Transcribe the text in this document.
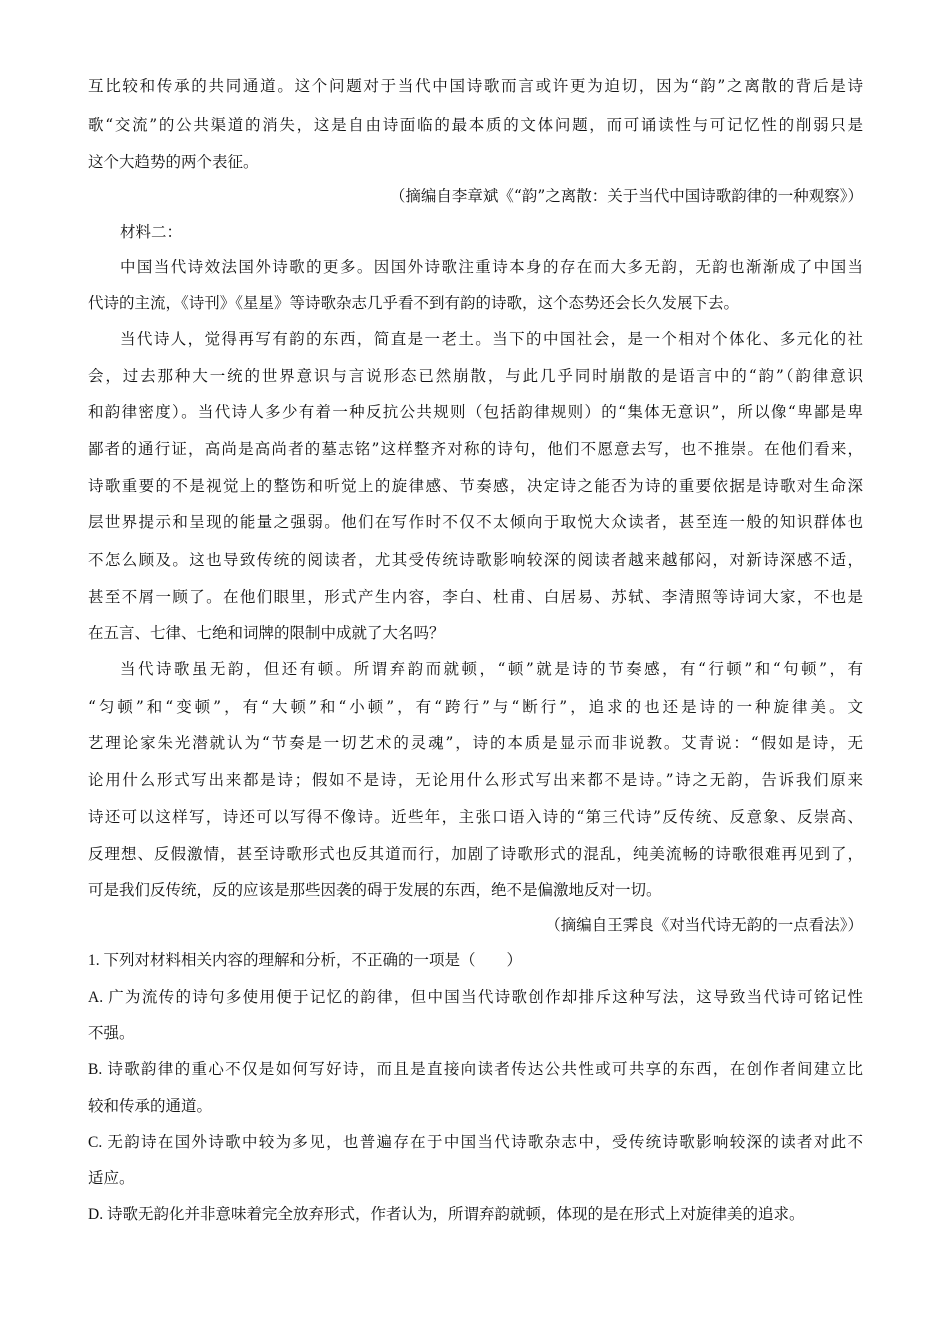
互比较和传承的共同通道。这个问题对于当代中国诗歌而言或许更为迫切，因为“韵”之离散的背后是诗
歌“交流”的公共渠道的消失，这是自由诗面临的最本质的文体问题，而可诵读性与可记忆性的削弱只是
这个大趋势的两个表征。
（摘编自李章斌《“韵”之离散：关于当代中国诗歌韵律的一种观察》）
材料二：
中国当代诗效法国外诗歌的更多。因国外诗歌注重诗本身的存在而大多无韵，无韵也渐渐成了中国当
代诗的主流，《诗刊》《星星》等诗歌杂志几乎看不到有韵的诗歌，这个态势还会长久发展下去。
当代诗人，觉得再写有韵的东西，简直是一老土。当下的中国社会，是一个相对个体化、多元化的社
会，过去那种大一统的世界意识与言说形态已然崩散，与此几乎同时崩散的是语言中的“韵”（韵律意识
和韵律密度）。当代诗人多少有着一种反抗公共规则（包括韵律规则）的“集体无意识”，所以像“卑鄙是卑
鄙者的通行证，高尚是高尚者的墓志铭”这样整齐对称的诗句，他们不愿意去写，也不推崇。在他们看来，
诗歌重要的不是视觉上的整饬和听觉上的旋律感、节奏感，决定诗之能否为诗的重要依据是诗歌对生命深
层世界提示和呈现的能量之强弱。他们在写作时不仅不太倾向于取悦大众读者，甚至连一般的知识群体也
不怎么顾及。这也导致传统的阅读者，尤其受传统诗歌影响较深的阅读者越来越郁闷，对新诗深感不适，
甚至不屑一顾了。在他们眼里，形式产生内容，李白、杜甫、白居易、苏轼、李清照等诗词大家，不也是
在五言、七律、七绝和词牌的限制中成就了大名吗？
当代诗歌虽无韵，但还有顿。所谓弃韵而就顿，“顿”就是诗的节奏感，有“行顿”和“句顿”，有
“匀顿”和“变顿”，有“大顿”和“小顿”，有“跨行”与“断行”，追求的也还是诗的一种旋律美。文
艺理论家朱光潜就认为“节奏是一切艺术的灵魂”，诗的本质是显示而非说教。艾青说：“假如是诗，无
论用什么形式写出来都是诗；假如不是诗，无论用什么形式写出来都不是诗。”诗之无韵，告诉我们原来
诗还可以这样写，诗还可以写得不像诗。近些年，主张口语入诗的“第三代诗”反传统、反意象、反崇高、
反理想、反假激情，甚至诗歌形式也反其道而行，加剧了诗歌形式的混乱，纯美流畅的诗歌很难再见到了，
可是我们反传统，反的应该是那些因袭的碍于发展的东西，绝不是偏激地反对一切。
（摘编自王霁良《对当代诗无韵的一点看法》）
1. 下列对材料相关内容的理解和分析，不正确的一项是（　　）
A. 广为流传的诗句多使用便于记忆的韵律，但中国当代诗歌创作却排斥这种写法，这导致当代诗可铭记性
不强。
B. 诗歌韵律的重心不仅是如何写好诗，而且是直接向读者传达公共性或可共享的东西，在创作者间建立比
较和传承的通道。
C. 无韵诗在国外诗歌中较为多见，也普遍存在于中国当代诗歌杂志中，受传统诗歌影响较深的读者对此不
适应。
D. 诗歌无韵化并非意味着完全放弃形式，作者认为，所谓弃韵就顿，体现的是在形式上对旋律美的追求。
